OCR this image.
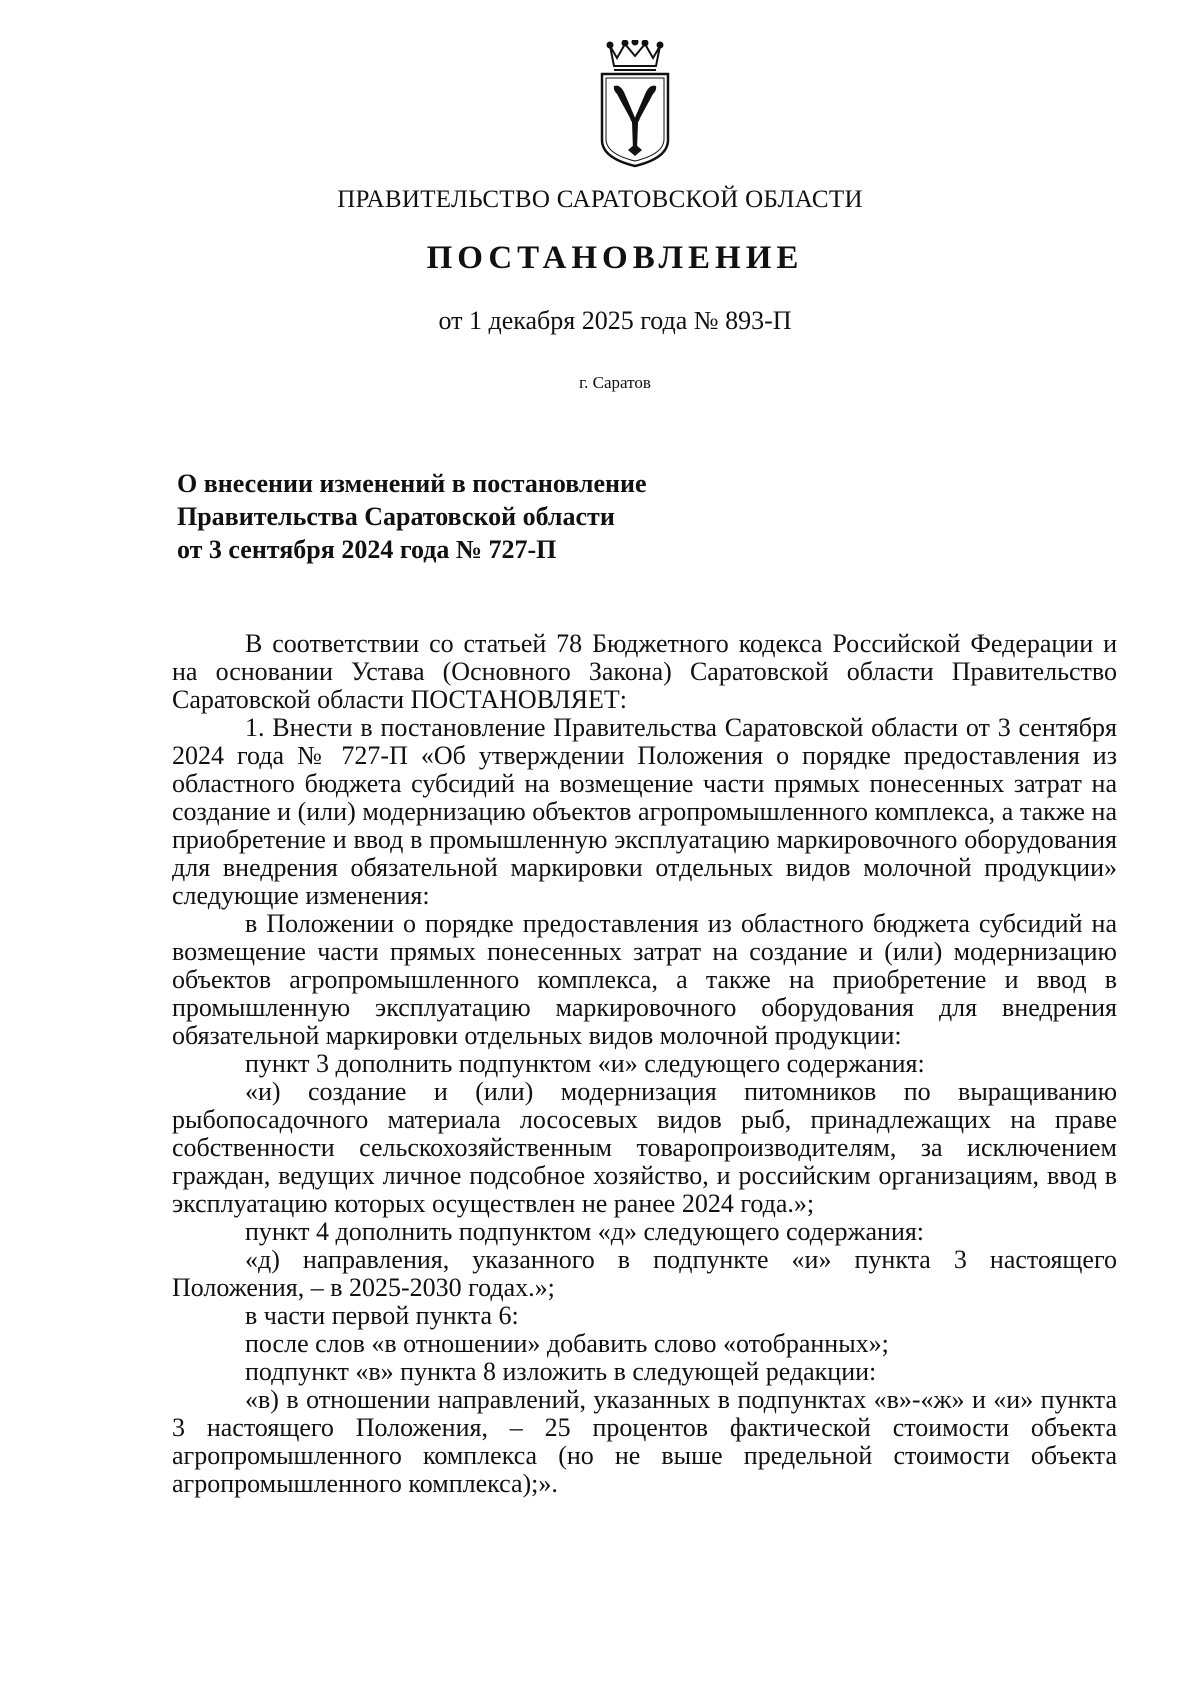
ПРАВИТЕЛЬСТВО САРАТОВСКОЙ ОБЛАСТИ
ПОСТАНОВЛЕНИЕ
от 1 декабря 2025 года № 893-П
г. Саратов
О внесении изменений в постановление
Правительства Саратовской области
от 3 сентября 2024 года № 727-П

В соответствии со статьей 78 Бюджетного кодекса Российской Федерации и на основании Устава (Основного Закона) Саратовской области Правительство Саратовской области ПОСТАНОВЛЯЕТ:

1. Внести в постановление Правительства Саратовской области от 3 сентября 2024 года № 727-П «Об утверждении Положения о порядке предоставления из областного бюджета субсидий на возмещение части прямых понесенных затрат на создание и (или) модернизацию объектов агропромышленного комплекса, а также на приобретение и ввод в промышленную эксплуатацию маркировочного оборудования для внедрения обязательной маркировки отдельных видов молочной продукции» следующие изменения:

в Положении о порядке предоставления из областного бюджета субсидий на возмещение части прямых понесенных затрат на создание и (или) модернизацию объектов агропромышленного комплекса, а также на приобретение и ввод в промышленную эксплуатацию маркировочного оборудования для внедрения обязательной маркировки отдельных видов молочной продукции:

пункт 3 дополнить подпунктом «и» следующего содержания:

«и) создание и (или) модернизация питомников по выращиванию рыбопосадочного материала лососевых видов рыб, принадлежащих на праве собственности сельскохозяйственным товаропроизводителям, за исключением граждан, ведущих личное подсобное хозяйство, и российским организациям, ввод в эксплуатацию которых осуществлен не ранее 2024 года.»;

пункт 4 дополнить подпунктом «д» следующего содержания:

«д) направления, указанного в подпункте «и» пункта 3 настоящего Положения, – в 2025-2030 годах.»;

в части первой пункта 6:

после слов «в отношении» добавить слово «отобранных»;

подпункт «в» пункта 8 изложить в следующей редакции:

«в) в отношении направлений, указанных в подпунктах «в»-«ж» и «и» пункта 3 настоящего Положения, – 25 процентов фактической стоимости объекта агропромышленного комплекса (но не выше предельной стоимости объекта агропромышленного комплекса);».
